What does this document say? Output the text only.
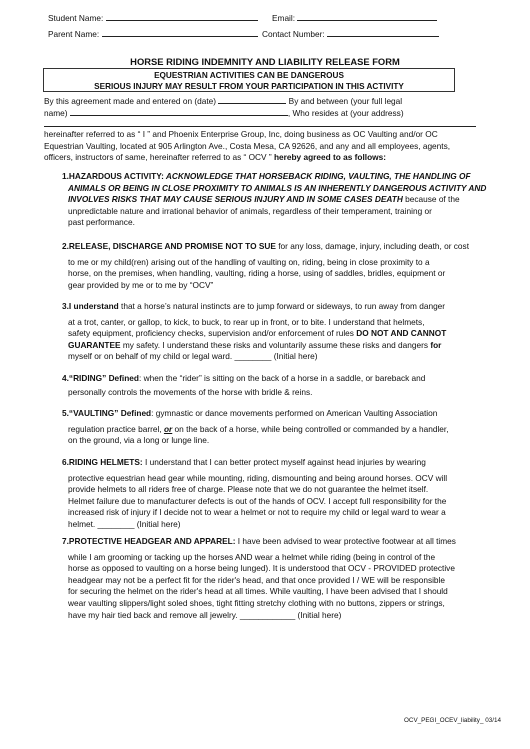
Student Name:	Email:
Parent Name:	Contact Number:
HORSE RIDING INDEMNITY AND LIABILITY RELEASE FORM
EQUESTRIAN ACTIVITIES CAN BE DANGEROUS
SERIOUS INJURY MAY RESULT FROM YOUR PARTICIPATION IN THIS ACTIVITY
By this agreement made and entered on (date)	By and between (your full legal
name)	, Who resides at (your address)
hereinafter referred to as “ I ” and Phoenix Enterprise Group, Inc, doing business as OC Vaulting and/or OC
Equestrian Vaulting, located at 905 Arlington Ave., Costa Mesa, CA 92626, and any and all employees, agents,
officers, instructors of same, hereinafter referred to as “ OCV ” hereby agreed to as follows:
1.HAZARDOUS ACTIVITY: ACKNOWLEDGE THAT HORSEBACK RIDING, VAULTING, THE HANDLING OF
ANIMALS OR BEING IN CLOSE PROXIMITY TO ANIMALS IS AN INHERENTLY DANGEROUS ACTIVITY AND
INVOLVES RISKS THAT MAY CAUSE SERIOUS INJURY AND IN SOME CASES DEATH because of the
unpredictable nature and irrational behavior of animals, regardless of their temperament, training or
past performance.
2.RELEASE, DISCHARGE AND PROMISE NOT TO SUE for any loss, damage, injury, including death, or cost
to me or my child(ren) arising out of the handling of vaulting on, riding, being in close proximity to a
horse, on the premises, when handling, vaulting, riding a horse, using of saddles, bridles, equipment or
gear provided by me or to me by “OCV”
3.I understand that a horse’s natural instincts are to jump forward or sideways, to run away from danger
at a trot, canter, or gallop, to kick, to buck, to rear up in front, or to bite. I understand that helmets,
safety equipment, proficiency checks, supervision and/or enforcement of rules DO NOT AND CANNOT
GUARANTEE my safety. I understand these risks and voluntarily assume these risks and dangers for
myself or on behalf of my child or legal ward. ________ (Initial here)
4.“RIDING” Defined: when the “rider” is sitting on the back of a horse in a saddle, or bareback and
personally controls the movements of the horse with bridle & reins.
5.“VAULTING” Defined: gymnastic or dance movements performed on American Vaulting Association
regulation practice barrel, or on the back of a horse, while being controlled or commanded by a handler,
on the ground, via a long or lunge line.
6.RIDING HELMETS: I understand that I can better protect myself against head injuries by wearing
protective equestrian head gear while mounting, riding, dismounting and being around horses. OCV will
provide helmets to all riders free of charge. Please note that we do not guarantee the helmet itself.
Helmet failure due to manufacturer defects is out of the hands of OCV. I accept full responsibility for the
increased risk of injury if I decide not to wear a helmet or not to require my child or legal ward to wear a
helmet. ________ (Initial here)
7.PROTECTIVE HEADGEAR AND APPAREL: I have been advised to wear protective footwear at all times
while I am grooming or tacking up the horses AND wear a helmet while riding (being in control of the
horse as opposed to vaulting on a horse being lunged). It is understood that OCV - PROVIDED protective
headgear may not be a perfect fit for the rider's head, and that once provided I / WE will be responsible
for securing the helmet on the rider's head at all times. While vaulting, I have been advised that I should
wear vaulting slippers/light soled shoes, tight fitting stretchy clothing with no buttons, zippers or strings,
have my hair tied back and remove all jewelry. ____________ (Initial here)
OCV_PEGI_OCEV_liability_ 03/14
